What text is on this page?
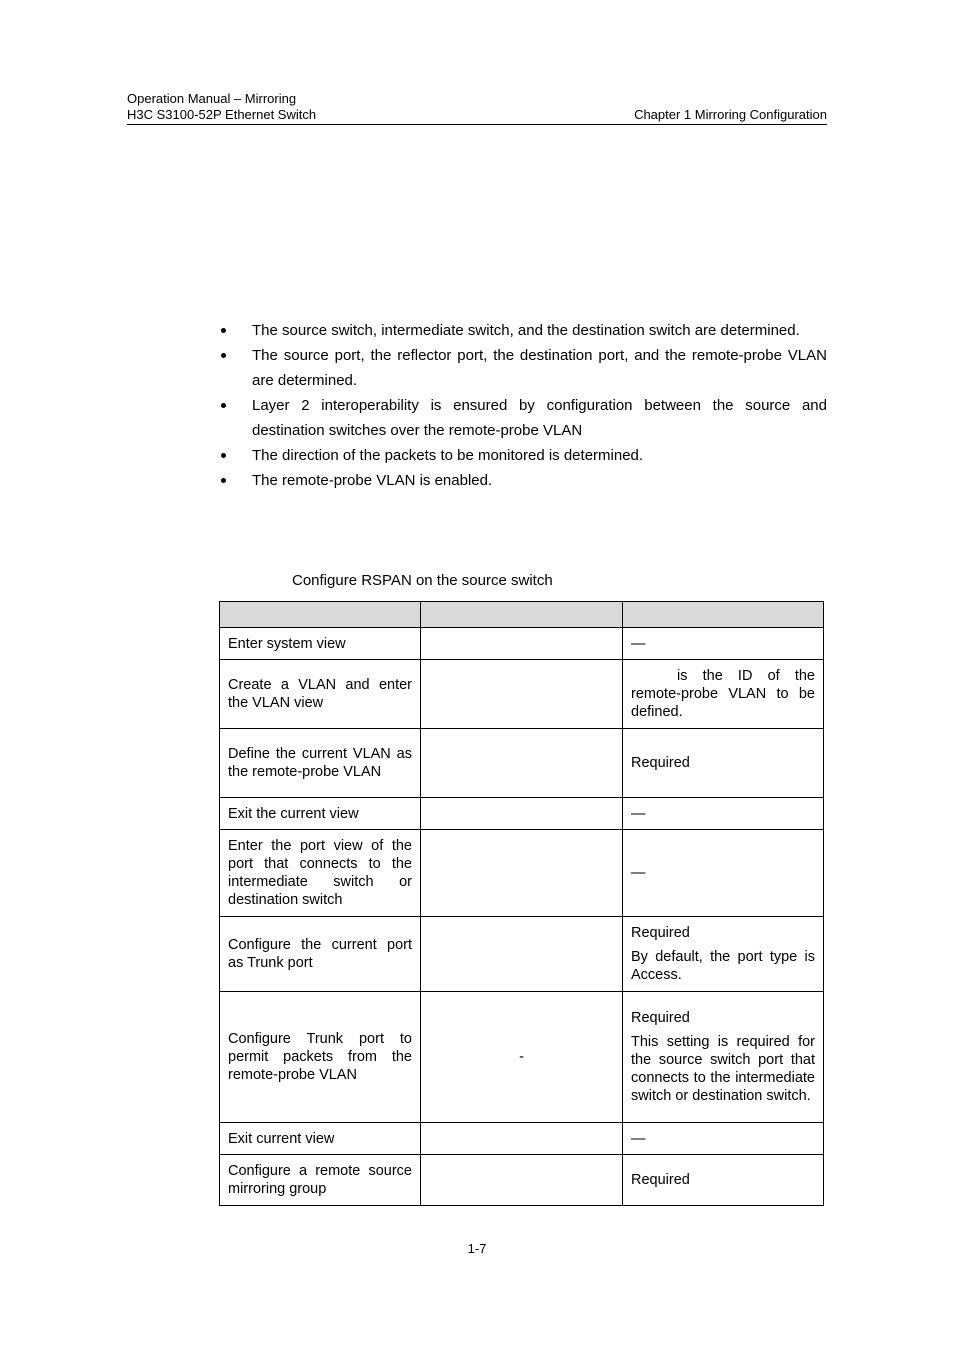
Operation Manual – Mirroring
H3C S3100-52P Ethernet Switch	Chapter 1 Mirroring Configuration
The source switch, intermediate switch, and the destination switch are determined.
The source port, the reflector port, the destination port, and the remote-probe VLAN are determined.
Layer 2 interoperability is ensured by configuration between the source and destination switches over the remote-probe VLAN
The direction of the packets to be monitored is determined.
The remote-probe VLAN is enabled.
Configure RSPAN on the source switch

Enter system view		—

Create a VLAN and enter the VLAN view		is the ID of the remote-probe VLAN to be defined.

Define the current VLAN as the remote-probe VLAN		Required

Exit the current view		—

Enter the port view of the port that connects to the intermediate switch or destination switch		—

Configure the current port as Trunk port		Required

By default, the port type is Access.

Configure Trunk port to permit packets from the remote-probe VLAN	-	Required

This setting is required for the source switch port that connects to the intermediate switch or destination switch.

Exit current view		—

Configure a remote source mirroring group		Required

1-7
